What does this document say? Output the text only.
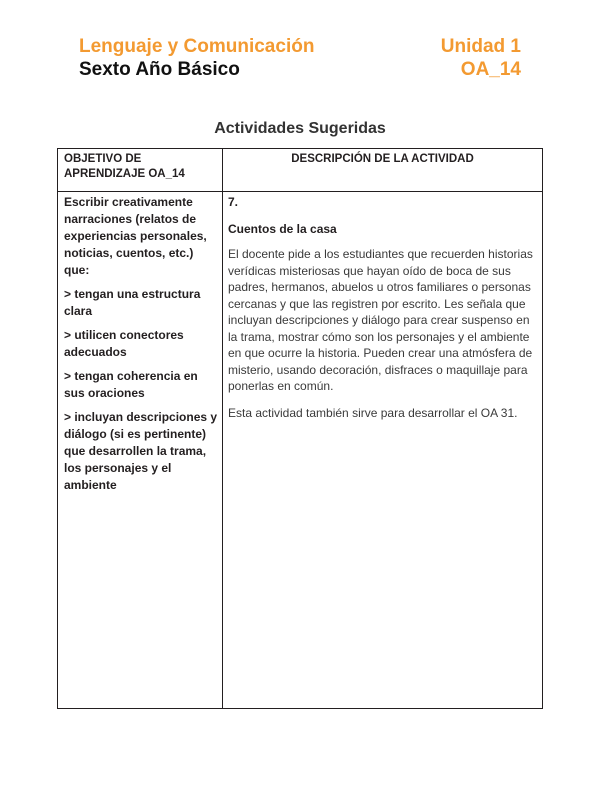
Lenguaje y Comunicación
Sexto Año Básico
Unidad 1
OA_14
Actividades Sugeridas
OBJETIVO DE APRENDIZAJE OA_14
DESCRIPCIÓN DE LA ACTIVIDAD

Escribir creativamente narraciones (relatos de experiencias personales, noticias, cuentos, etc.) que:

> tengan una estructura clara

> utilicen conectores adecuados

> tengan coherencia en sus oraciones

> incluyan descripciones y diálogo (si es pertinente) que desarrollen la trama, los personajes y el ambiente

7.

Cuentos de la casa

El docente pide a los estudiantes que recuerden historias verídicas misteriosas que hayan oído de boca de sus padres, hermanos, abuelos u otros familiares o personas cercanas y que las registren por escrito. Les señala que incluyan descripciones y diálogo para crear suspenso en la trama, mostrar cómo son los personajes y el ambiente en que ocurre la historia. Pueden crear una atmósfera de misterio, usando decoración, disfraces o maquillaje para ponerlas en común.

Esta actividad también sirve para desarrollar el OA 31.
